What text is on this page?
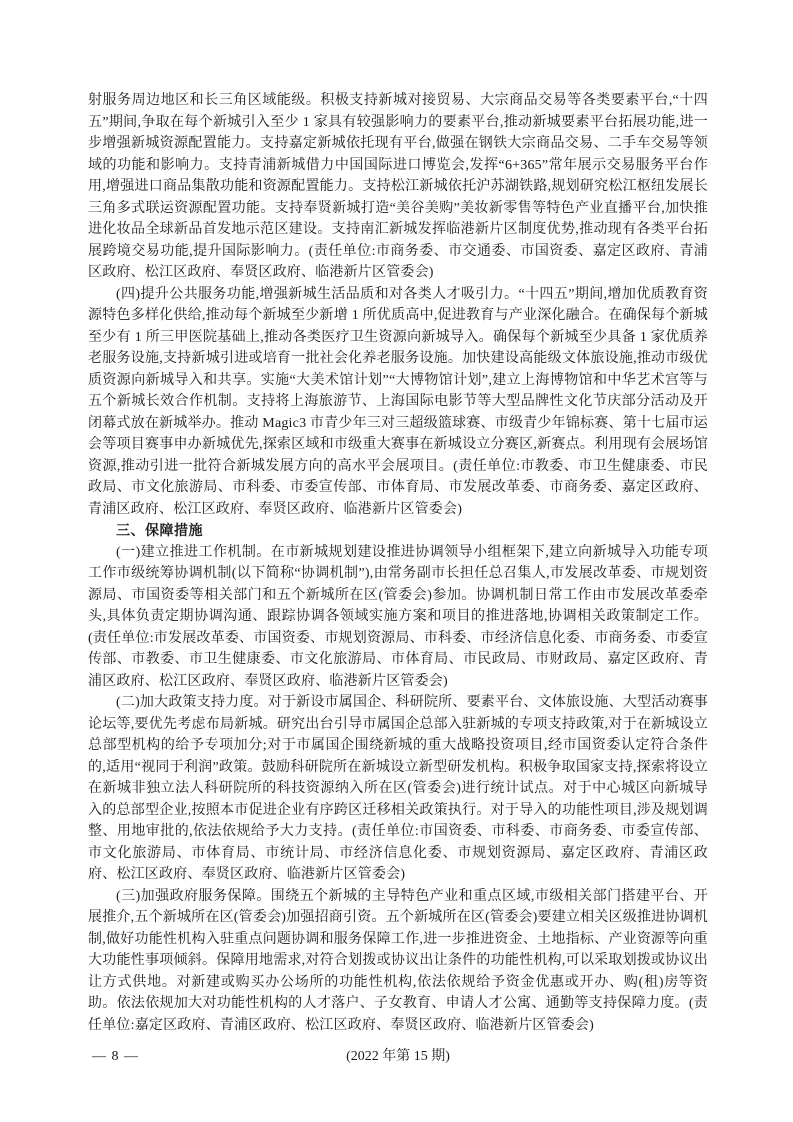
射服务周边地区和长三角区域能级。积极支持新城对接贸易、大宗商品交易等各类要素平台,“十四五”期间,争取在每个新城引入至少 1 家具有较强影响力的要素平台,推动新城要素平台拓展功能,进一步增强新城资源配置能力。支持嘉定新城依托现有平台,做强在钢铁大宗商品交易、二手车交易等领域的功能和影响力。支持青浦新城借力中国国际进口博览会,发挥“6+365”常年展示交易服务平台作用,增强进口商品集散功能和资源配置能力。支持松江新城依托沪苏湖铁路,规划研究松江枢纽发展长三角多式联运资源配置功能。支持奉贤新城打造“美谷美购”美妆新零售等特色产业直播平台,加快推进化妆品全球新品首发地示范区建设。支持南汇新城发挥临港新片区制度优势,推动现有各类平台拓展跨境交易功能,提升国际影响力。(责任单位:市商务委、市交通委、市国资委、嘉定区政府、青浦区政府、松江区政府、奉贤区政府、临港新片区管委会)

(四)提升公共服务功能,增强新城生活品质和对各类人才吸引力。“十四五”期间,增加优质教育资源特色多样化供给,推动每个新城至少新增 1 所优质高中,促进教育与产业深化融合。在确保每个新城至少有 1 所三甲医院基础上,推动各类医疗卫生资源向新城导入。确保每个新城至少具备 1 家优质养老服务设施,支持新城引进或培育一批社会化养老服务设施。加快建设高能级文体旅设施,推动市级优质资源向新城导入和共享。实施“大美术馆计划”“大博物馆计划”,建立上海博物馆和中华艺术宫等与五个新城长效合作机制。支持将上海旅游节、上海国际电影节等大型品牌性文化节庆部分活动及开闭幕式放在新城举办。推动 Magic3 市青少年三对三超级篮球赛、市级青少年锦标赛、第十七届市运会等项目赛事申办新城优先,探索区域和市级重大赛事在新城设立分赛区,新赛点。利用现有会展场馆资源,推动引进一批符合新城发展方向的高水平会展项目。(责任单位:市教委、市卫生健康委、市民政局、市文化旅游局、市科委、市委宣传部、市体育局、市发展改革委、市商务委、嘉定区政府、青浦区政府、松江区政府、奉贤区政府、临港新片区管委会)

三、保障措施

(一)建立推进工作机制。在市新城规划建设推进协调领导小组框架下,建立向新城导入功能专项工作市级统筹协调机制(以下简称“协调机制”),由常务副市长担任总召集人,市发展改革委、市规划资源局、市国资委等相关部门和五个新城所在区(管委会)参加。协调机制日常工作由市发展改革委牵头,具体负责定期协调沟通、跟踪协调各领域实施方案和项目的推进落地,协调相关政策制定工作。(责任单位:市发展改革委、市国资委、市规划资源局、市科委、市经济信息化委、市商务委、市委宣传部、市教委、市卫生健康委、市文化旅游局、市体育局、市民政局、市财政局、嘉定区政府、青浦区政府、松江区政府、奉贤区政府、临港新片区管委会)

(二)加大政策支持力度。对于新设市属国企、科研院所、要素平台、文体旅设施、大型活动赛事论坛等,要优先考虑布局新城。研究出台引导市属国企总部入驻新城的专项支持政策,对于在新城设立总部型机构的给予专项加分;对于市属国企围绕新城的重大战略投资项目,经市国资委认定符合条件的,适用“视同于利润”政策。鼓励科研院所在新城设立新型研发机构。积极争取国家支持,探索将设立在新城非独立法人科研院所的科技资源纳入所在区(管委会)进行统计试点。对于中心城区向新城导入的总部型企业,按照本市促进企业有序跨区迁移相关政策执行。对于导入的功能性项目,涉及规划调整、用地审批的,依法依规给予大力支持。(责任单位:市国资委、市科委、市商务委、市委宣传部、市文化旅游局、市体育局、市统计局、市经济信息化委、市规划资源局、嘉定区政府、青浦区政府、松江区政府、奉贤区政府、临港新片区管委会)

(三)加强政府服务保障。围绕五个新城的主导特色产业和重点区域,市级相关部门搭建平台、开展推介,五个新城所在区(管委会)加强招商引资。五个新城所在区(管委会)要建立相关区级推进协调机制,做好功能性机构入驻重点问题协调和服务保障工作,进一步推进资金、土地指标、产业资源等向重大功能性事项倾斜。保障用地需求,对符合划拨或协议出让条件的功能性机构,可以采取划拨或协议出让方式供地。对新建或购买办公场所的功能性机构,依法依规给予资金优惠或开办、购(租)房等资助。依法依规加大对功能性机构的人才落户、子女教育、申请人才公寓、通勤等支持保障力度。(责任单位:嘉定区政府、青浦区政府、松江区政府、奉贤区政府、临港新片区管委会)

— 8 —	(2022 年第 15 期)
